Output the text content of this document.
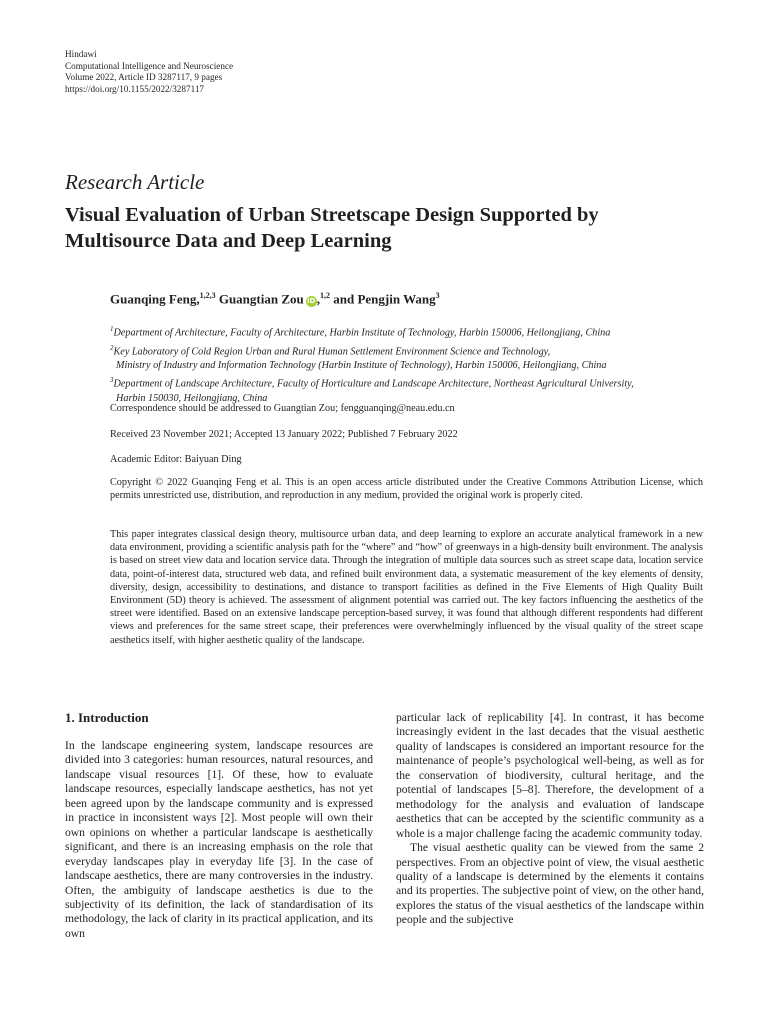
Hindawi
Computational Intelligence and Neuroscience
Volume 2022, Article ID 3287117, 9 pages
https://doi.org/10.1155/2022/3287117
Research Article
Visual Evaluation of Urban Streetscape Design Supported by Multisource Data and Deep Learning
Guanqing Feng,$^{1,2,3}$ Guangtian Zou iD,$^{1,2}$ and Pengjin Wang$^3$
$^1$Department of Architecture, Faculty of Architecture, Harbin Institute of Technology, Harbin 150006, Heilongjiang, China
$^2$Key Laboratory of Cold Region Urban and Rural Human Settlement Environment Science and Technology,
Ministry of Industry and Information Technology (Harbin Institute of Technology), Harbin 150006, Heilongjiang, China
$^3$Department of Landscape Architecture, Faculty of Horticulture and Landscape Architecture, Northeast Agricultural University,
Harbin 150030, Heilongjiang, China
Correspondence should be addressed to Guangtian Zou; fengguanqing@neau.edu.cn
Received 23 November 2021; Accepted 13 January 2022; Published 7 February 2022
Academic Editor: Baiyuan Ding
Copyright © 2022 Guanqing Feng et al. This is an open access article distributed under the Creative Commons Attribution License, which permits unrestricted use, distribution, and reproduction in any medium, provided the original work is properly cited.

This paper integrates classical design theory, multisource urban data, and deep learning to explore an accurate analytical framework in a new data environment, providing a scientific analysis path for the “where” and “how” of greenways in a high-density built environment. The analysis is based on street view data and location service data. Through the integration of multiple data sources such as street scape data, location service data, point-of-interest data, structured web data, and refined built environment data, a systematic measurement of the key elements of density, diversity, design, accessibility to destinations, and distance to transport facilities as defined in the Five Elements of High Quality Built Environment (5D) theory is achieved. The assessment of alignment potential was carried out. The key factors influencing the aesthetics of the street were identified. Based on an extensive landscape perception-based survey, it was found that although different respondents had different views and preferences for the same street scape, their preferences were overwhelmingly influenced by the visual quality of the street scape aesthetics itself, with higher aesthetic quality of the landscape.

1. Introduction

In the landscape engineering system, landscape resources are divided into 3 categories: human resources, natural resources, and landscape visual resources [1]. Of these, how to evaluate landscape resources, especially landscape aesthetics, has not yet been agreed upon by the landscape community and is expressed in practice in inconsistent ways [2]. Most people will own their own opinions on whether a particular landscape is aesthetically significant, and there is an increasing emphasis on the role that everyday landscapes play in everyday life [3]. In the case of landscape aesthetics, there are many controversies in the industry. Often, the ambiguity of landscape aesthetics is due to the subjectivity of its definition, the lack of standardisation of its methodology, the lack of clarity in its practical application, and its own

particular lack of replicability [4]. In contrast, it has become increasingly evident in the last decades that the visual aesthetic quality of landscapes is considered an important resource for the maintenance of people’s psychological well-being, as well as for the conservation of biodiversity, cultural heritage, and the potential of landscapes [5–8]. Therefore, the development of a methodology for the analysis and evaluation of landscape aesthetics that can be accepted by the scientific community as a whole is a major challenge facing the academic community today.

The visual aesthetic quality can be viewed from the same 2 perspectives. From an objective point of view, the visual aesthetic quality of a landscape is determined by the elements it contains and its properties. The subjective point of view, on the other hand, explores the status of the visual aesthetics of the landscape within people and the subjective
